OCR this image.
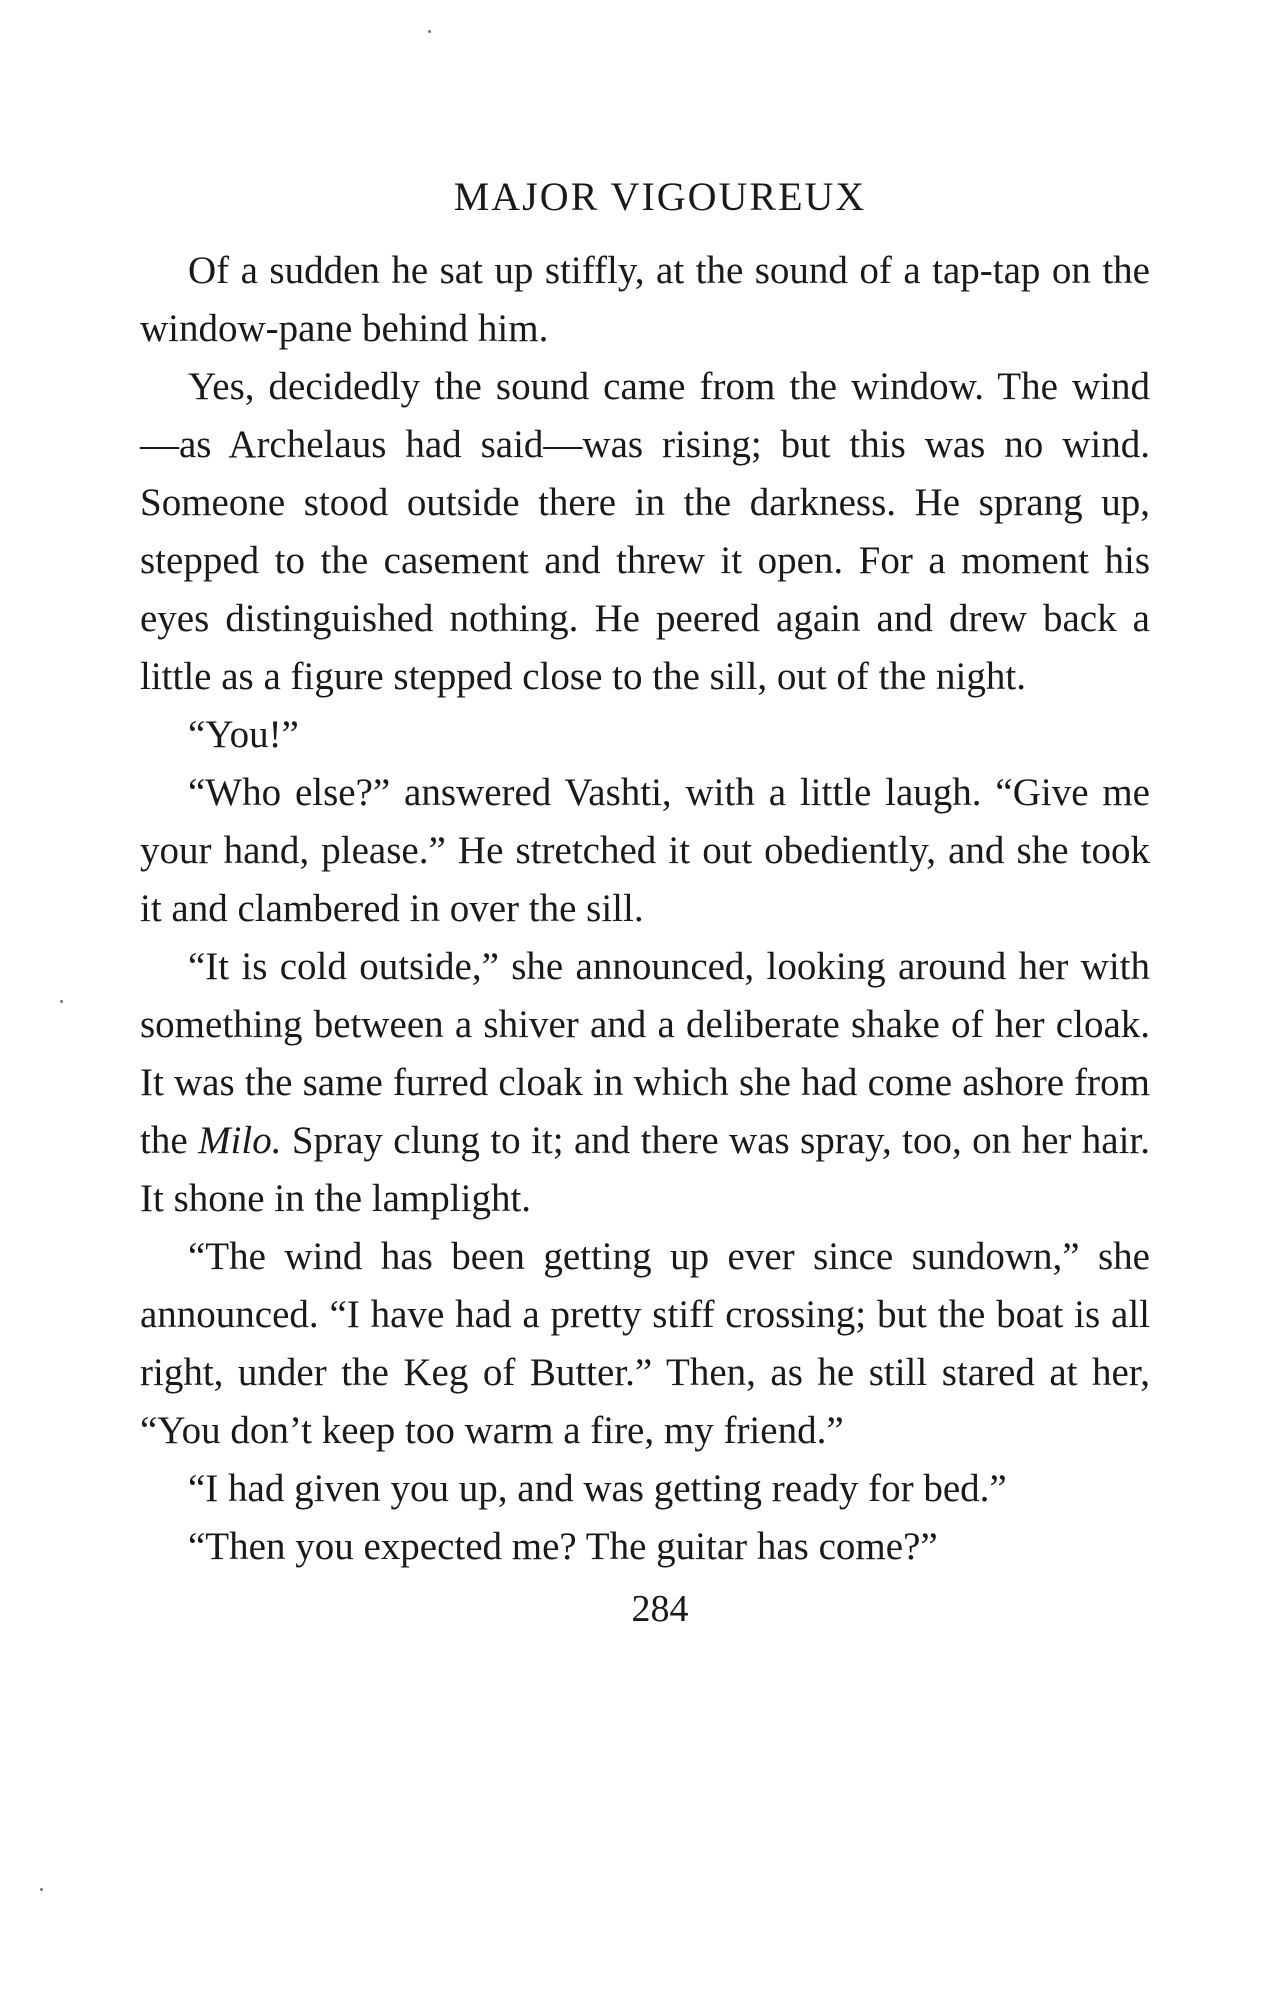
MAJOR VIGOUREUX

Of a sudden he sat up stiffly, at the sound of a tap-tap on the window-pane behind him.

Yes, decidedly the sound came from the window. The wind—as Archelaus had said—was rising; but this was no wind. Someone stood outside there in the darkness. He sprang up, stepped to the casement and threw it open. For a moment his eyes distinguished nothing. He peered again and drew back a little as a figure stepped close to the sill, out of the night.

“You!”

“Who else?” answered Vashti, with a little laugh. “Give me your hand, please.” He stretched it out obediently, and she took it and clambered in over the sill.

“It is cold outside,” she announced, looking around her with something between a shiver and a deliberate shake of her cloak. It was the same furred cloak in which she had come ashore from the Milo. Spray clung to it; and there was spray, too, on her hair. It shone in the lamplight.

“The wind has been getting up ever since sundown,” she announced. “I have had a pretty stiff crossing; but the boat is all right, under the Keg of Butter.” Then, as he still stared at her, “You don’t keep too warm a fire, my friend.”

“I had given you up, and was getting ready for bed.”

“Then you expected me? The guitar has come?”

284
